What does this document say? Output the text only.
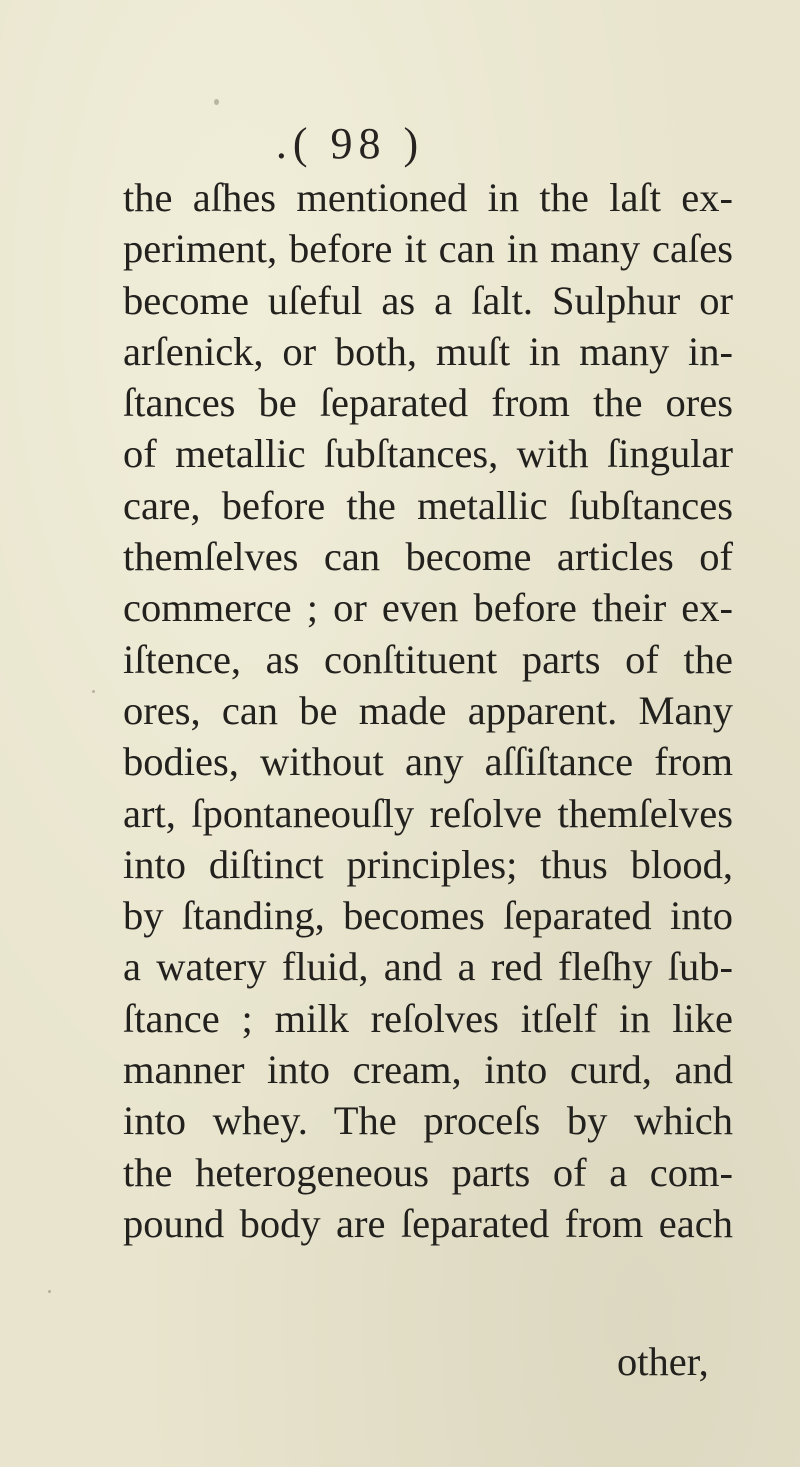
.( 98 )
the aſhes mentioned in the laſt ex-
periment, before it can in many caſes
become uſeful as a ſalt. Sulphur or
arſenick, or both, muſt in many in-
ſtances be ſeparated from the ores
of metallic ſubſtances, with ſingular
care, before the metallic ſubſtances
themſelves can become articles of
commerce ; or even before their ex-
iſtence, as conſtituent parts of the
ores, can be made apparent. Many
bodies, without any aſſiſtance from
art, ſpontaneouſly reſolve themſelves
into diſtinct principles; thus blood,
by ſtanding, becomes ſeparated into
a watery fluid, and a red fleſhy ſub-
ſtance ; milk reſolves itſelf in like
manner into cream, into curd, and
into whey. The proceſs by which
the heterogeneous parts of a com-
pound body are ſeparated from each
other,
